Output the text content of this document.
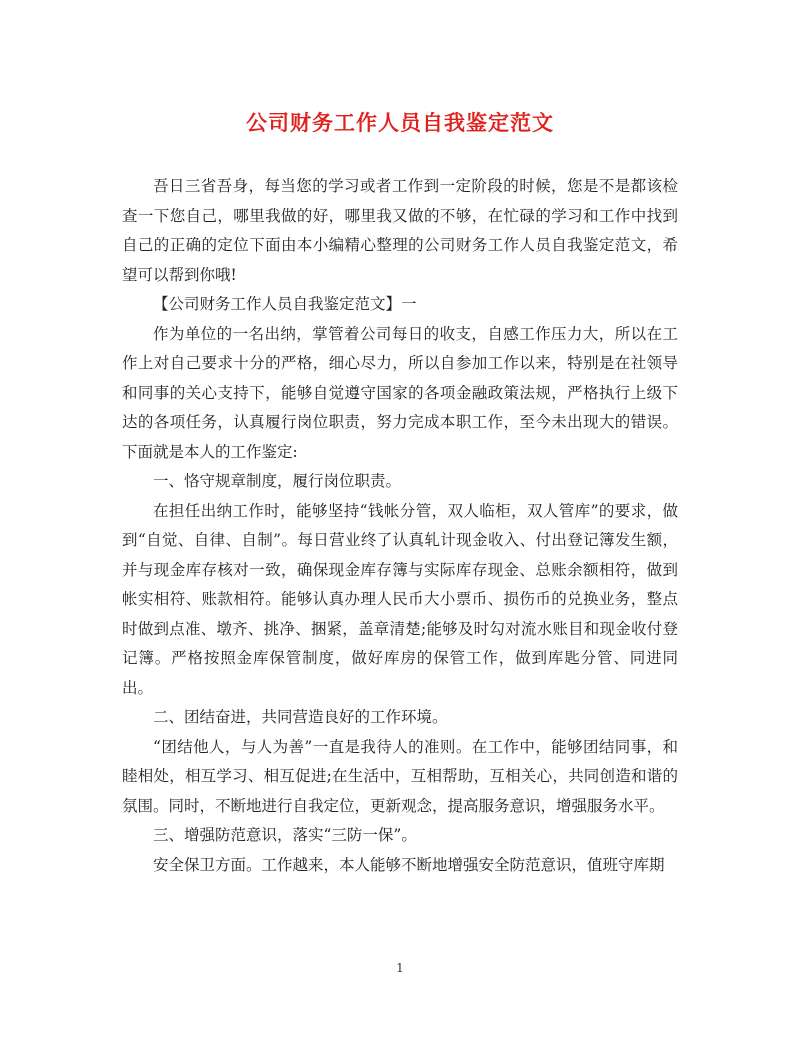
公司财务工作人员自我鉴定范文

吾日三省吾身，每当您的学习或者工作到一定阶段的时候，您是不是都该检查一下您自己，哪里我做的好，哪里我又做的不够，在忙碌的学习和工作中找到自己的正确的定位下面由本小编精心整理的公司财务工作人员自我鉴定范文，希望可以帮到你哦!

【公司财务工作人员自我鉴定范文】一

作为单位的一名出纳，掌管着公司每日的收支，自感工作压力大，所以在工作上对自己要求十分的严格，细心尽力，所以自参加工作以来，特别是在社领导和同事的关心支持下，能够自觉遵守国家的各项金融政策法规，严格执行上级下达的各项任务，认真履行岗位职责，努力完成本职工作，至今未出现大的错误。下面就是本人的工作鉴定:

一、恪守规章制度，履行岗位职责。

在担任出纳工作时，能够坚持“钱帐分管，双人临柜，双人管库”的要求，做到“自觉、自律、自制”。每日营业终了认真轧计现金收入、付出登记簿发生额，并与现金库存核对一致，确保现金库存簿与实际库存现金、总账余额相符，做到帐实相符、账款相符。能够认真办理人民币大小票币、损伤币的兑换业务，整点时做到点准、墩齐、挑净、捆紧，盖章清楚;能够及时勾对流水账目和现金收付登记簿。严格按照金库保管制度，做好库房的保管工作，做到库匙分管、同进同出。

二、团结奋进，共同营造良好的工作环境。

“团结他人，与人为善”一直是我待人的准则。在工作中，能够团结同事，和睦相处，相互学习、相互促进;在生活中，互相帮助，互相关心，共同创造和谐的氛围。同时，不断地进行自我定位，更新观念，提高服务意识，增强服务水平。

三、增强防范意识，落实“三防一保”。

安全保卫方面。工作越来，本人能够不断地增强安全防范意识，值班守库期

1
